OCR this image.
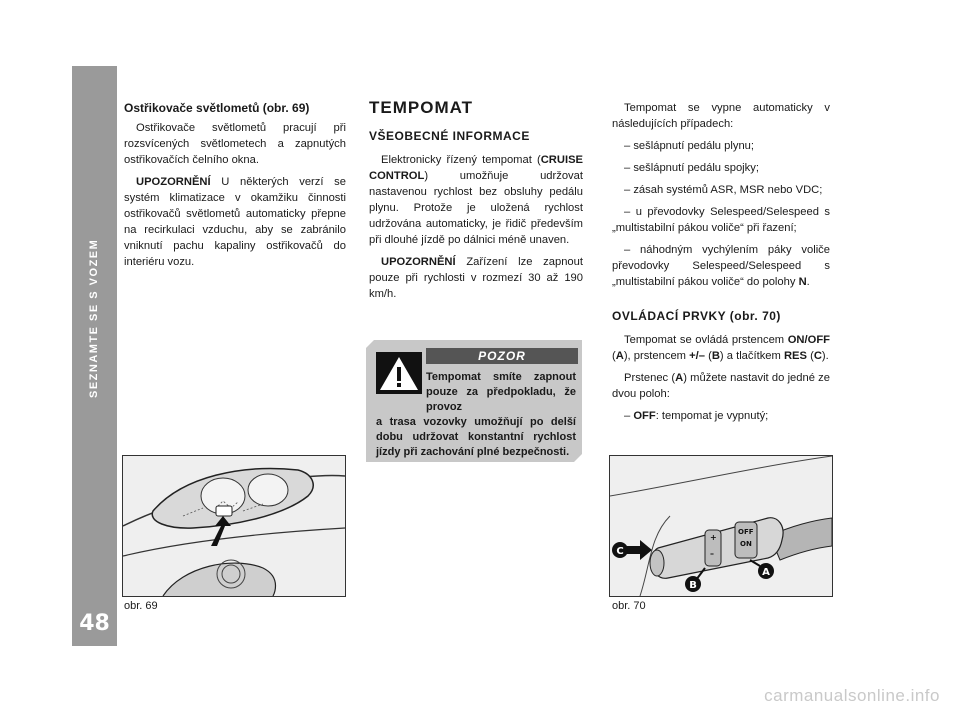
SEZNAMTE SE S VOZEM
48
Ostřikovače světlometů (obr. 69)

Ostřikovače světlometů pracují při rozsvícených světlometech a zapnutých ostřikovačích čelního okna.

UPOZORNĚNÍ U některých verzí se systém klimatizace v okamžiku činnosti ostřikovačů světlometů automaticky přepne na recirkulaci vzduchu, aby se zabránilo vniknutí pachu kapaliny ostřikovačů do interiéru vozu.

TEMPOMAT
VŠEOBECNÉ INFORMACE

Elektronicky řízený tempomat (CRUISE CONTROL) umožňuje udržovat nastavenou rychlost bez obsluhy pedálu plynu. Protože je uložená rychlost udržována automaticky, je řidič především při dlouhé jízdě po dálnici méně unaven.

UPOZORNĚNÍ Zařízení lze zapnout pouze při rychlosti v rozmezí 30 až 190 km/h.

POZOR
Tempomat smíte zapnout pouze za předpokladu, že provoz
a trasa vozovky umožňují po delší dobu udržovat konstantní rychlost jízdy při zachování plné bezpečnosti.

Tempomat se vypne automaticky v následujících případech:

– sešlápnutí pedálu plynu;

– sešlápnutí pedálu spojky;

– zásah systémů ASR, MSR nebo VDC;

– u převodovky Selespeed/Selespeed s „multistabilní pákou voliče“ při řazení;

– náhodným vychýlením páky voliče převodovky Selespeed/Selespeed s „multistabilní pákou voliče“ do polohy N.

OVLÁDACÍ PRVKY (obr. 70)

Tempomat se ovládá prstencem ON/OFF (A), prstencem +/– (B) a tlačítkem RES (C).

Prstenec (A) můžete nastavit do jedné ze dvou poloh:

– OFF: tempomat je vypnutý;

obr. 69
OFF
ON
+
–
C
B
A
obr. 70
carmanualsonline.info
